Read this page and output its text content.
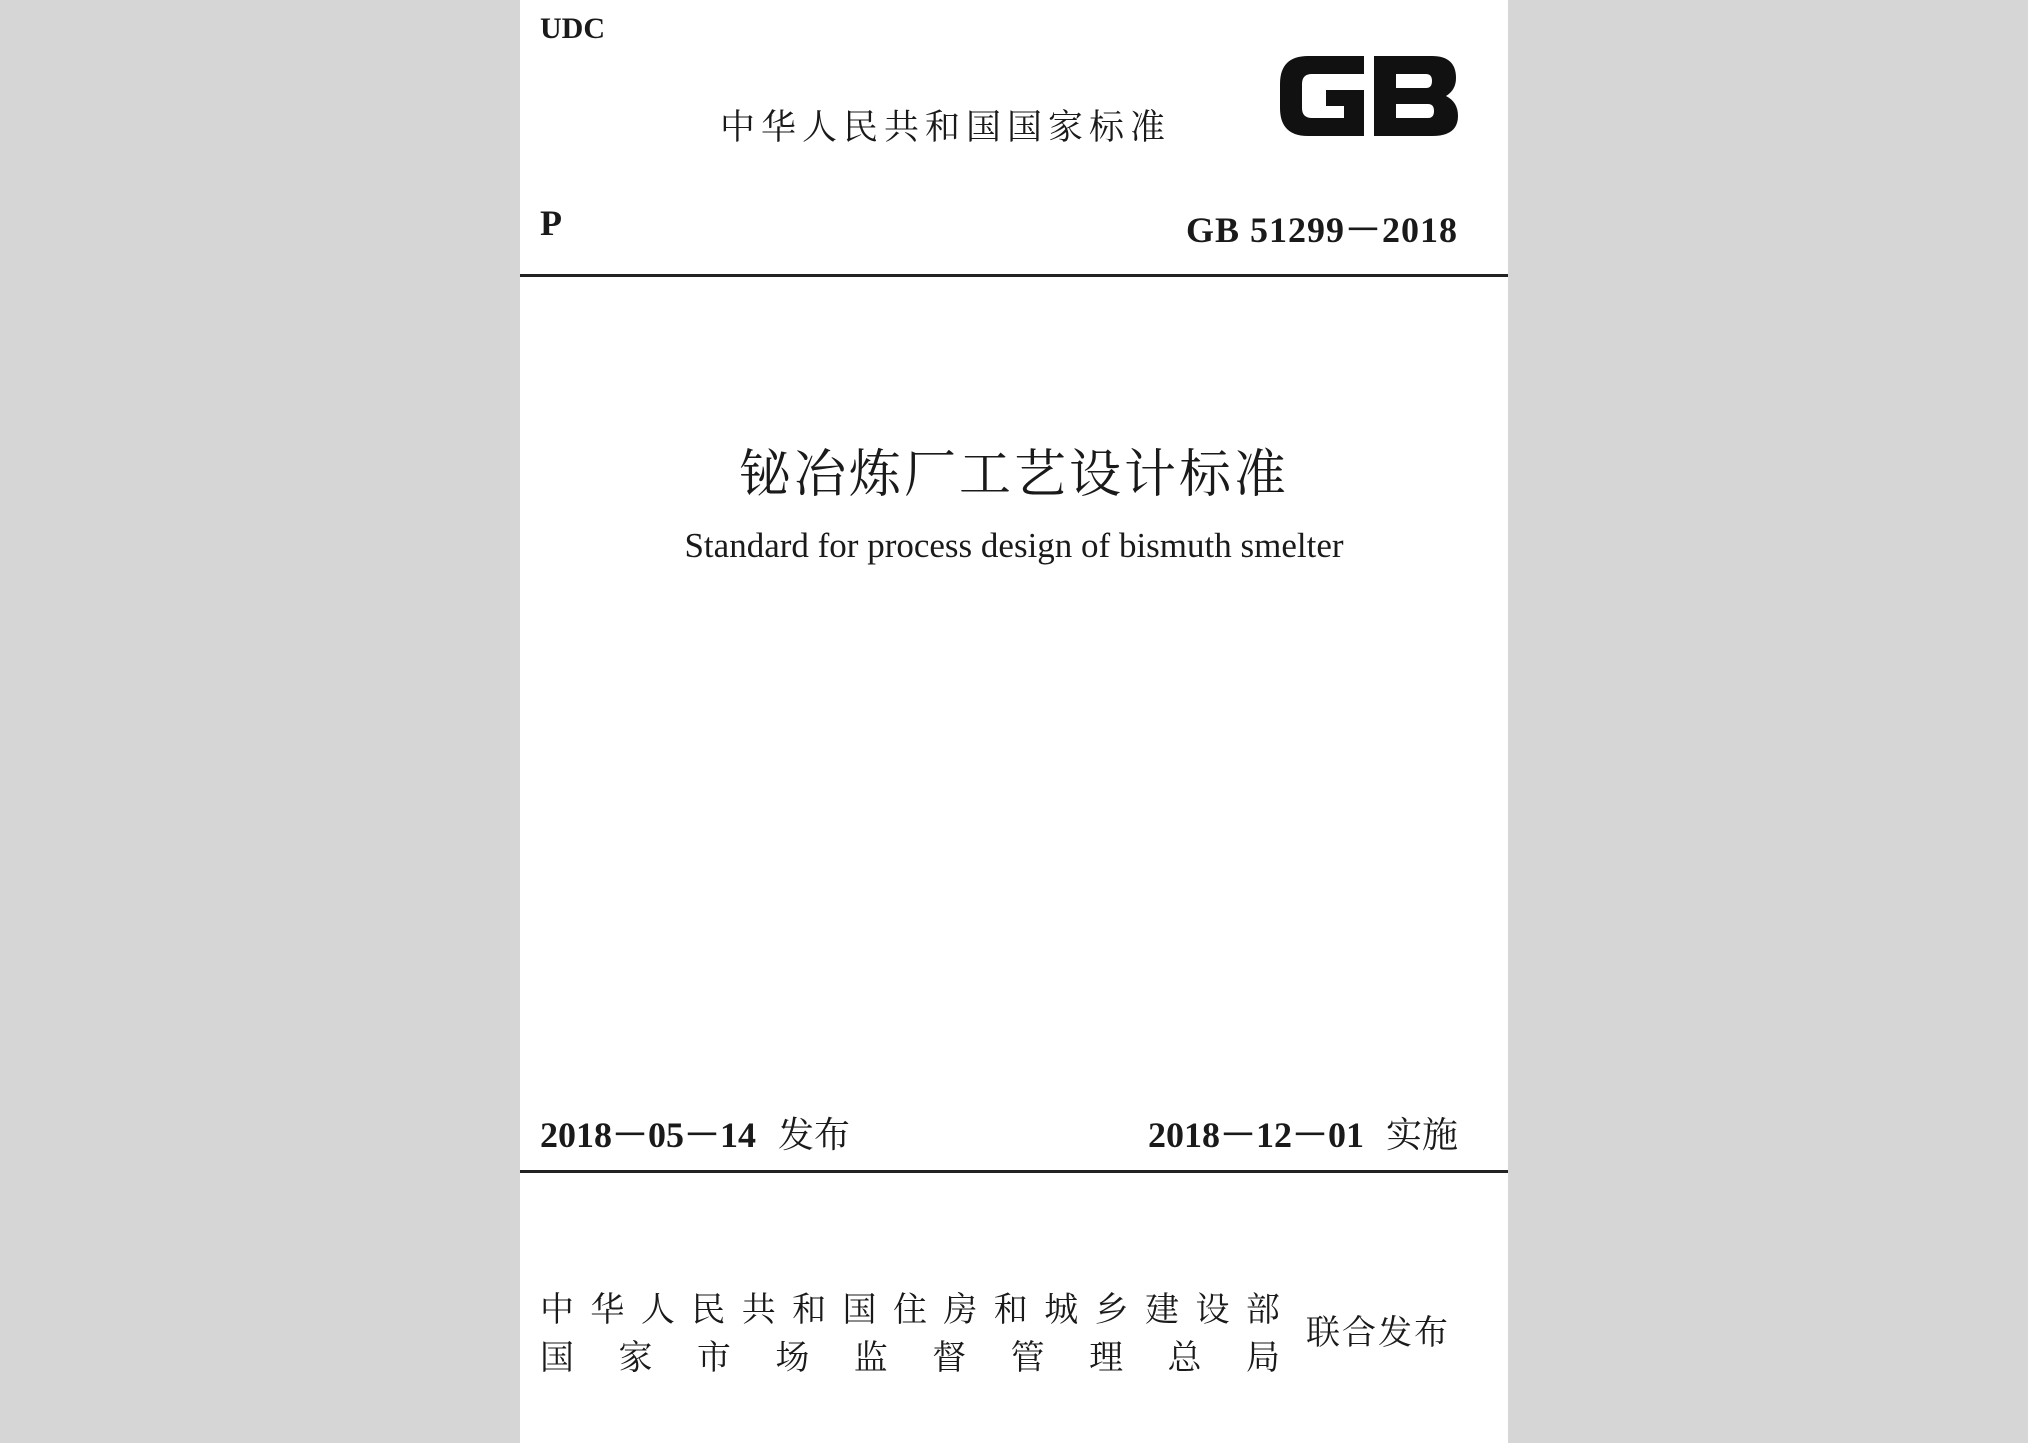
UDC
中华人民共和国国家标准
P	GB 51299－2018
铋冶炼厂工艺设计标准
Standard for process design of bismuth smelter
2018－05－14 发布	2018－12－01 实施
中 华 人 民 共 和 国 住 房 和 城 乡 建 设 部
国 家 市 场 监 督 管 理 总 局
联合发布
